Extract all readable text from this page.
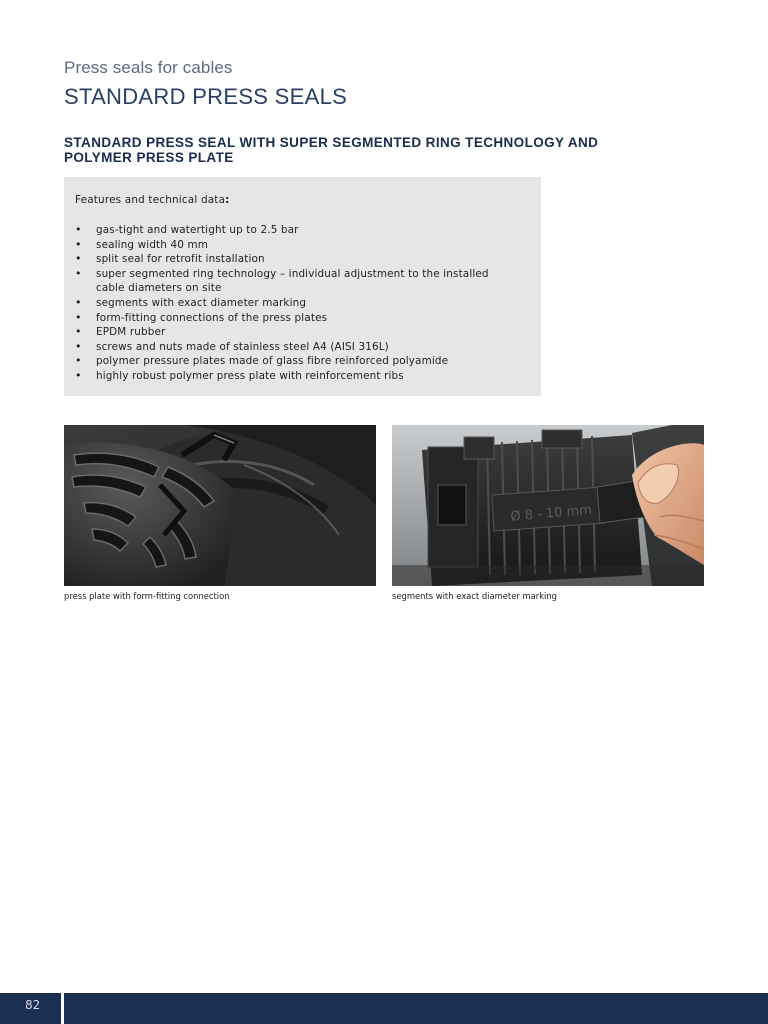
Press seals for cables
STANDARD PRESS SEALS
STANDARD PRESS SEAL WITH SUPER SEGMENTED RING TECHNOLOGY AND POLYMER PRESS PLATE
Features and technical data:
• gas-tight and watertight up to 2.5 bar
• sealing width 40 mm
• split seal for retrofit installation
• super segmented ring technology – individual adjustment to the installed cable diameters on site
• segments with exact diameter marking
• form-fitting connections of the press plates
• EPDM rubber
• screws and nuts made of stainless steel A4 (AISI 316L)
• polymer pressure plates made of glass fibre reinforced polyamide
• highly robust polymer press plate with reinforcement ribs
press plate with form-fitting connection
Ø 8 - 10 mm
segments with exact diameter marking
82
